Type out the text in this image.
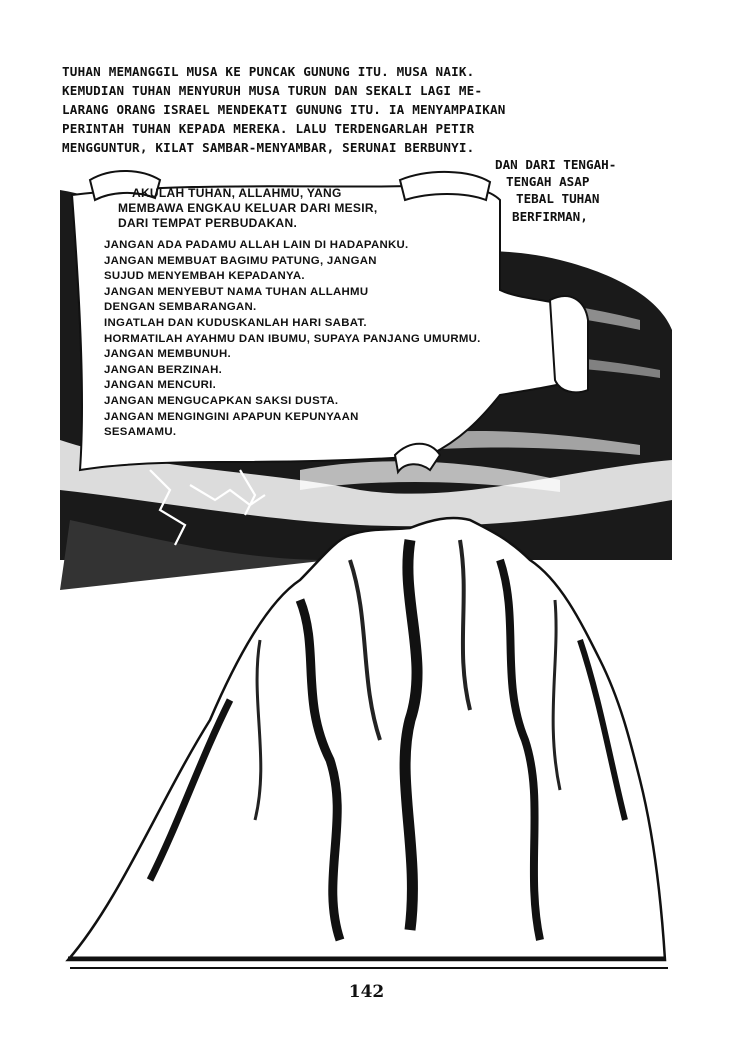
TUHAN MEMANGGIL MUSA KE PUNCAK GUNUNG ITU. MUSA NAIK.
KEMUDIAN TUHAN MENYURUH MUSA TURUN DAN SEKALI LAGI ME-
LARANG ORANG ISRAEL MENDEKATI GUNUNG ITU. IA MENYAMPAIKAN
PERINTAH TUHAN KEPADA MEREKA. LALU TERDENGARLAH PETIR
MENGGUNTUR, KILAT SAMBAR-MENYAMBAR, SERUNAI BERBUNYI.
DAN DARI TENGAH-
TENGAH ASAP
TEBAL TUHAN
BERFIRMAN,
AKULAH TUHAN, ALLAHMU, YANG
MEMBAWA ENGKAU KELUAR DARI MESIR,
DARI TEMPAT PERBUDAKAN.
JANGAN ADA PADAMU ALLAH LAIN DI HADAPANKU.
JANGAN MEMBUAT BAGIMU PATUNG, JANGAN
SUJUD MENYEMBAH KEPADANYA.
JANGAN MENYEBUT NAMA TUHAN ALLAHMU
DENGAN SEMBARANGAN.
INGATLAH DAN KUDUSKANLAH HARI SABAT.
HORMATILAH AYAHMU DAN IBUMU, SUPAYA PANJANG UMURMU.
JANGAN MEMBUNUH.
JANGAN BERZINAH.
JANGAN MENCURI.
JANGAN MENGUCAPKAN SAKSI DUSTA.
JANGAN MENGINGINI APAPUN KEPUNYAAN
SESAMAMU.
142
